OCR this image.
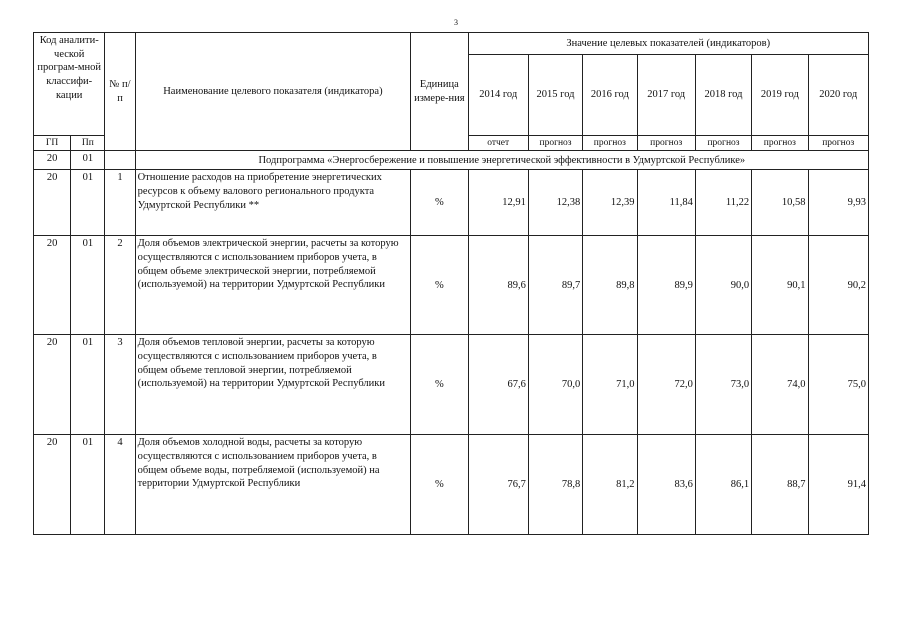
3
Код аналити-ческой програм-мной классифи-кации		№ п/п	Наименование целевого показателя (индикатора)	Единица измере-ния	Значение целевых показателей (индикаторов)						
					2014 год	2015 год	2016 год	2017 год	2018 год	2019 год	2020 год
ГП	Пп				отчет	прогноз	прогноз	прогноз	прогноз	прогноз	прогноз
20	01		Подпрограмма «Энергосбережение и повышение энергетической эффективности в Удмуртской Республике»								
20	01	1	Отношение расходов на приобретение энергетических ресурсов к объему валового регионального продукта Удмуртской Республики **	%	12,91	12,38	12,39	11,84	11,22	10,58	9,93
20	01	2	Доля объемов электрической энергии, расчеты за которую осуществляются с использованием приборов учета, в общем объеме электрической энергии, потребляемой (используемой) на территории Удмуртской Республики	%	89,6	89,7	89,8	89,9	90,0	90,1	90,2
20	01	3	Доля объемов тепловой энергии, расчеты за которую осуществляются с использованием приборов учета, в общем объеме тепловой энергии, потребляемой (используемой) на территории Удмуртской Республики	%	67,6	70,0	71,0	72,0	73,0	74,0	75,0
20	01	4	Доля объемов холодной воды, расчеты за которую осуществляются с использованием приборов учета, в общем объеме воды, потребляемой (используемой) на территории Удмуртской Республики	%	76,7	78,8	81,2	83,6	86,1	88,7	91,4
